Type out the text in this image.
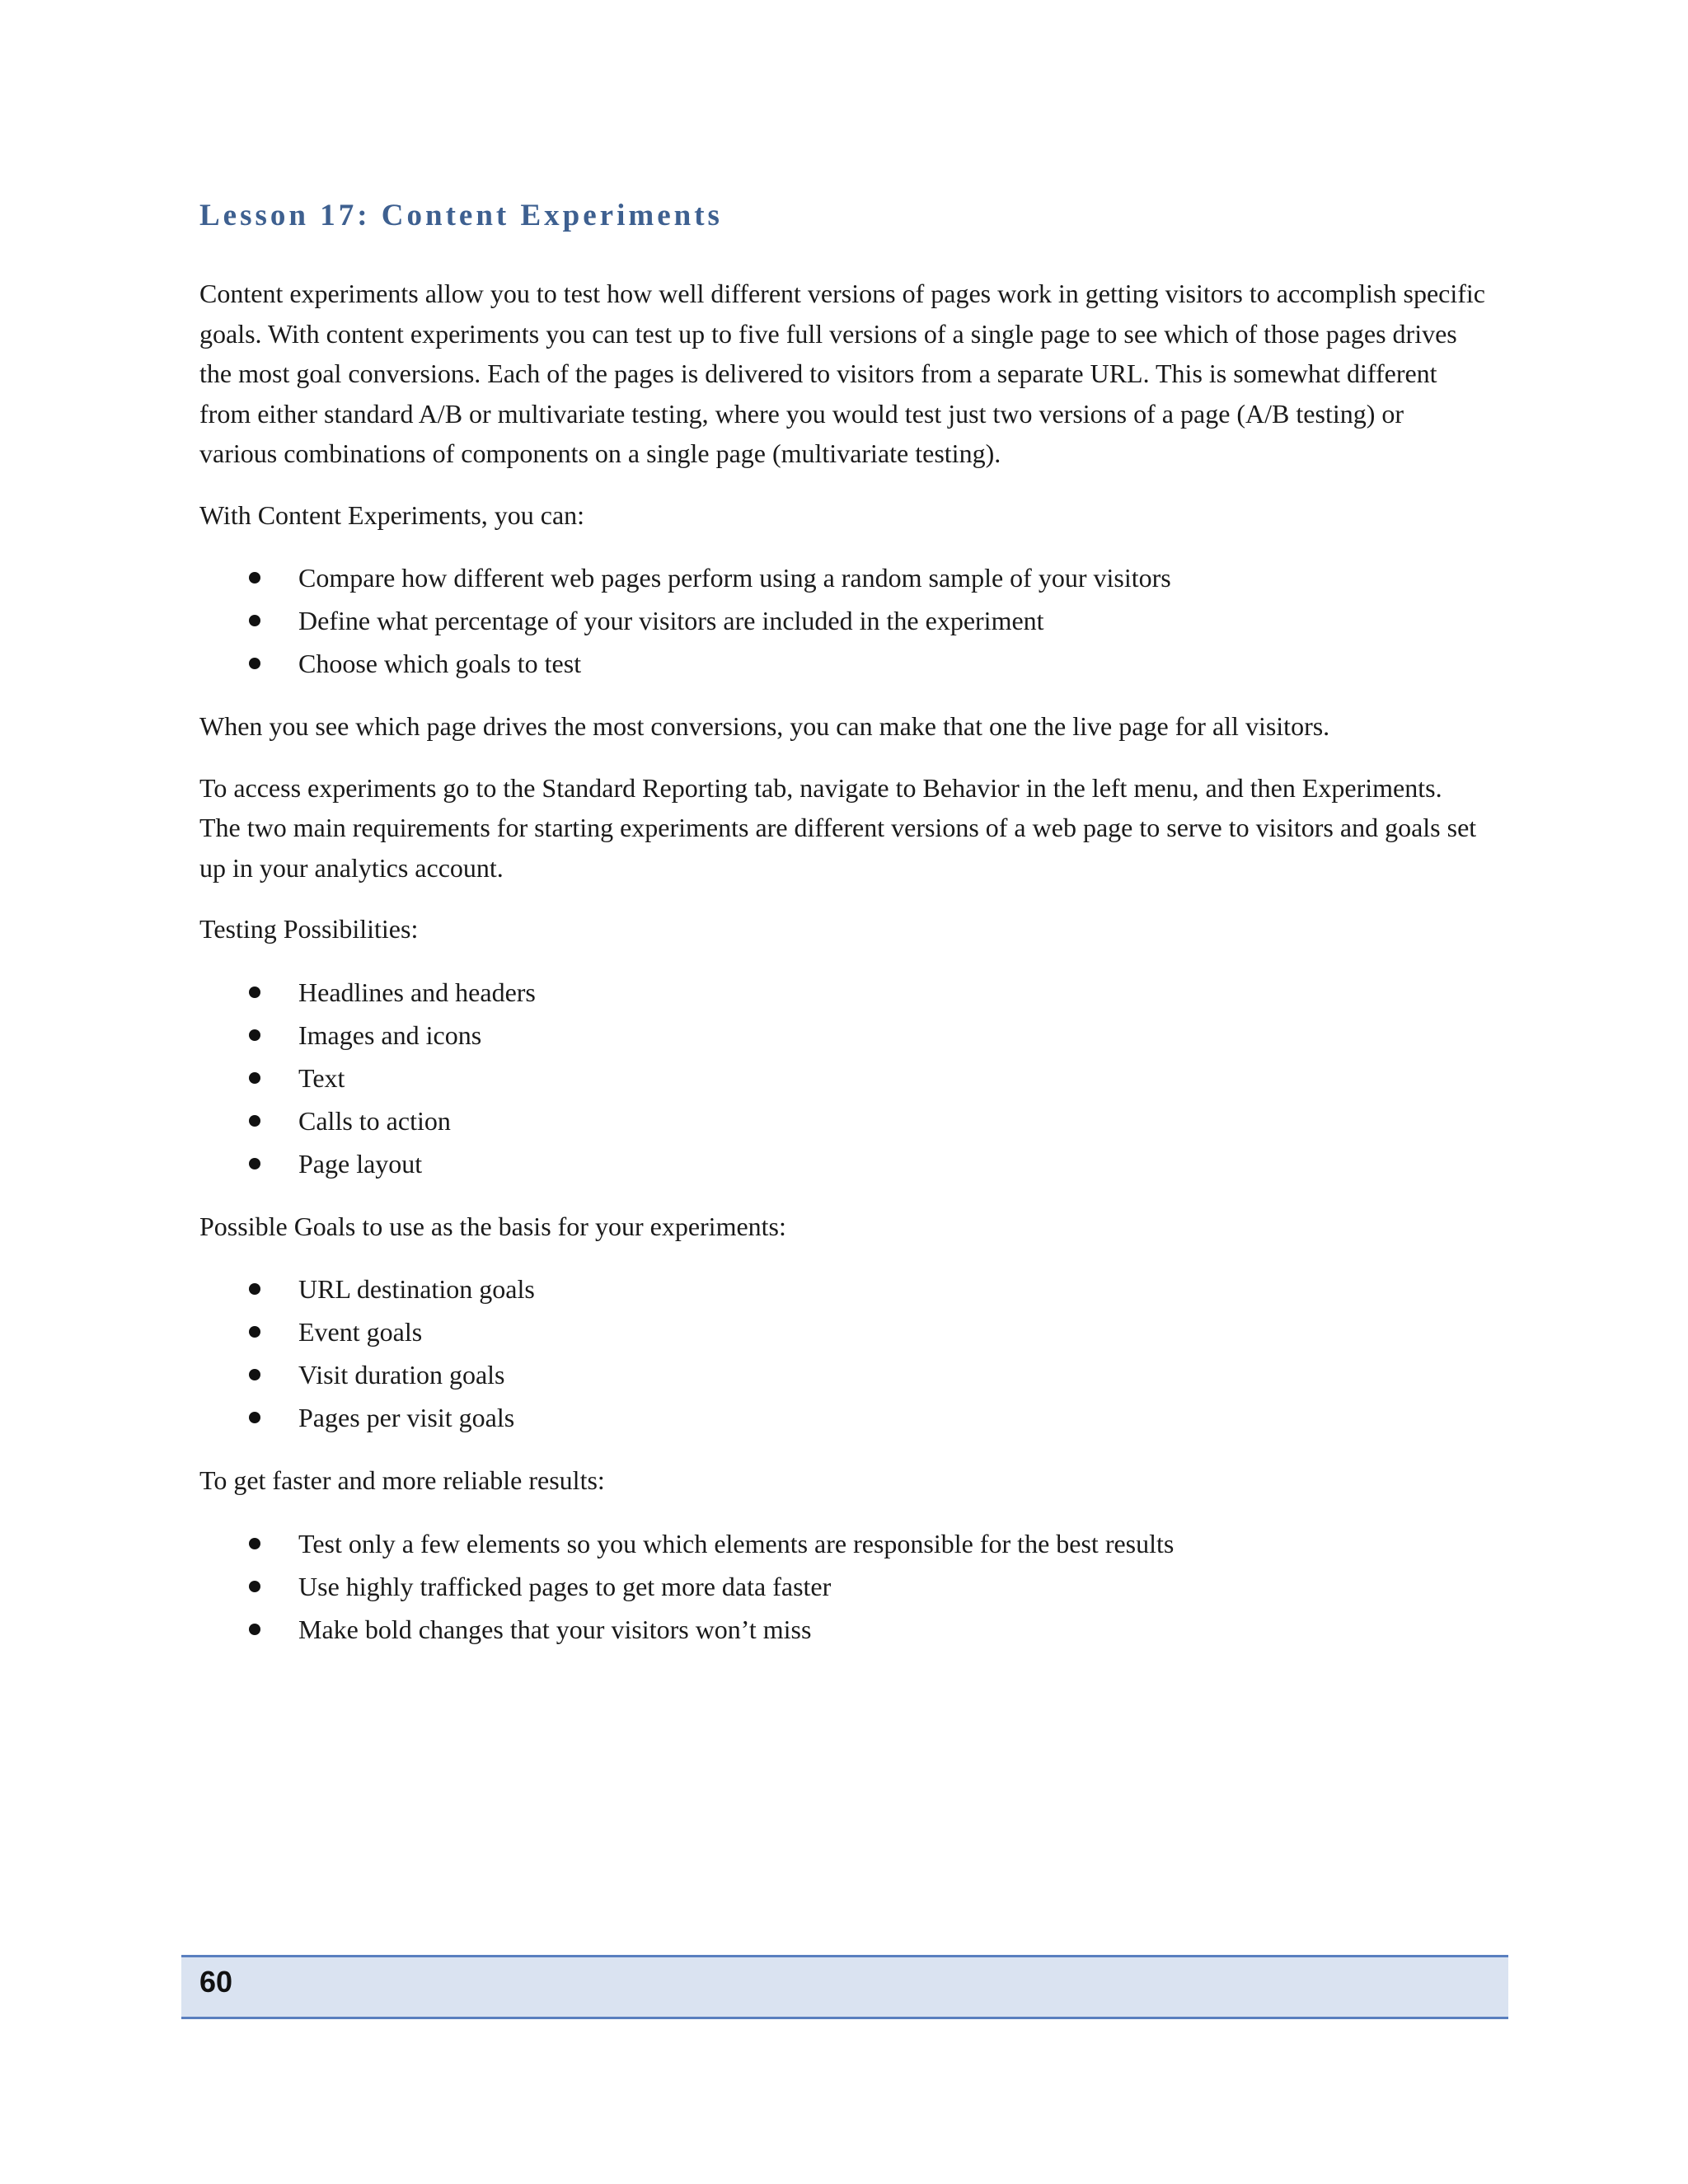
Lesson 17: Content Experiments

Content experiments allow you to test how well different versions of pages work in getting visitors to accomplish specific goals. With content experiments you can test up to five full versions of a single page to see which of those pages drives the most goal conversions. Each of the pages is delivered to visitors from a separate URL. This is somewhat different from either standard A/B or multivariate testing, where you would test just two versions of a page (A/B testing) or various combinations of components on a single page (multivariate testing).

With Content Experiments, you can:

Compare how different web pages perform using a random sample of your visitors
Define what percentage of your visitors are included in the experiment
Choose which goals to test

When you see which page drives the most conversions, you can make that one the live page for all visitors.

To access experiments go to the Standard Reporting tab, navigate to Behavior in the left menu, and then Experiments. The two main requirements for starting experiments are different versions of a web page to serve to visitors and goals set up in your analytics account.

Testing Possibilities:

Headlines and headers
Images and icons
Text
Calls to action
Page layout

Possible Goals to use as the basis for your experiments:

URL destination goals
Event goals
Visit duration goals
Pages per visit goals

To get faster and more reliable results:

Test only a few elements so you which elements are responsible for the best results
Use highly trafficked pages to get more data faster
Make bold changes that your visitors won’t miss
60
